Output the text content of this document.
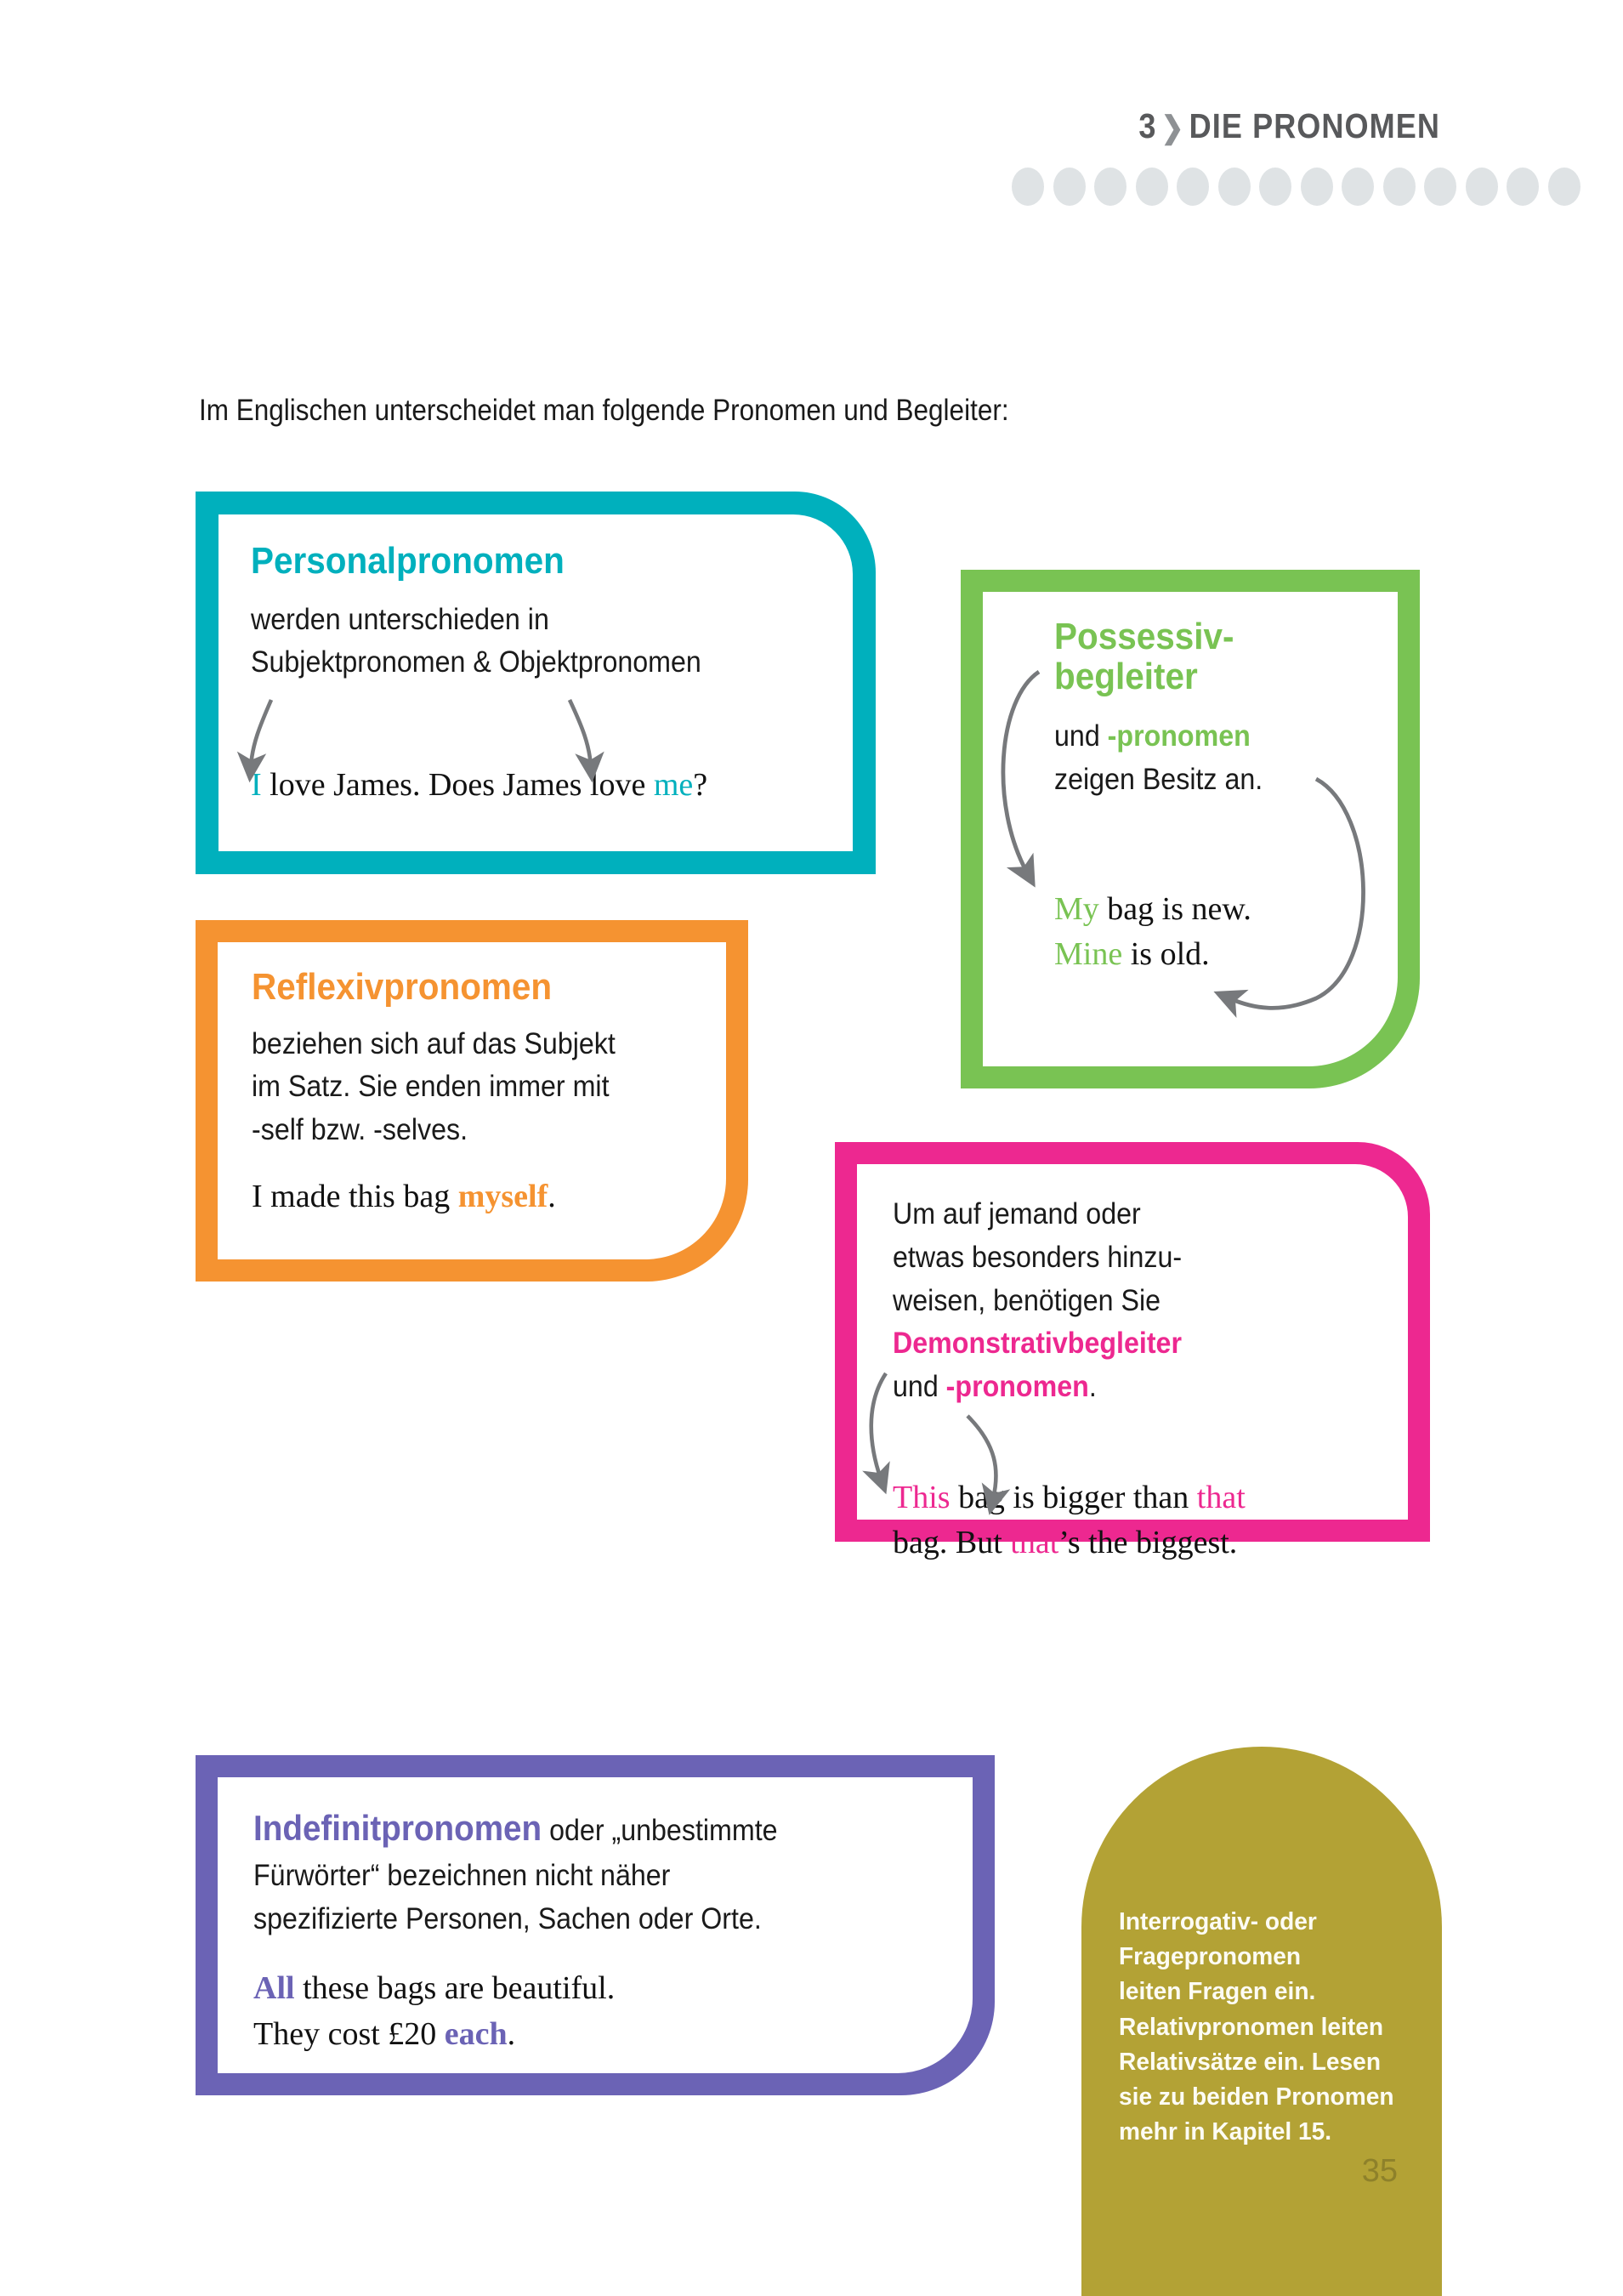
3 ❯ DIE PRONOMEN
Im Englischen unterscheidet man folgende Pronomen und Begleiter:
Personalpronomen
werden unterschieden in
Subjektpronomen & Objektpronomen
I love James. Does James love me?
Possessiv-
begleiter
und -pronomen
zeigen Besitz an.
My bag is new.
Mine is old.
Reflexivpronomen
beziehen sich auf das Subjekt
im Satz. Sie enden immer mit
-self bzw. -selves.
I made this bag myself.	Um auf jemand oder
etwas besonders hinzu-
weisen, benötigen Sie
Demonstrativbegleiter
und -pronomen.
This bag is bigger than that
bag. But that’s the biggest.
Indefinitpronomen oder „unbestimmte
Fürwörter“ bezeichnen nicht näher
spezifizierte Personen, Sachen oder Orte.
All these bags are beautiful.
They cost £20 each.
Interrogativ- oder
Fragepronomen
leiten Fragen ein.
Relativpronomen leiten
Relativsätze ein. Lesen
sie zu beiden Pronomen
mehr in Kapitel 15.
35
